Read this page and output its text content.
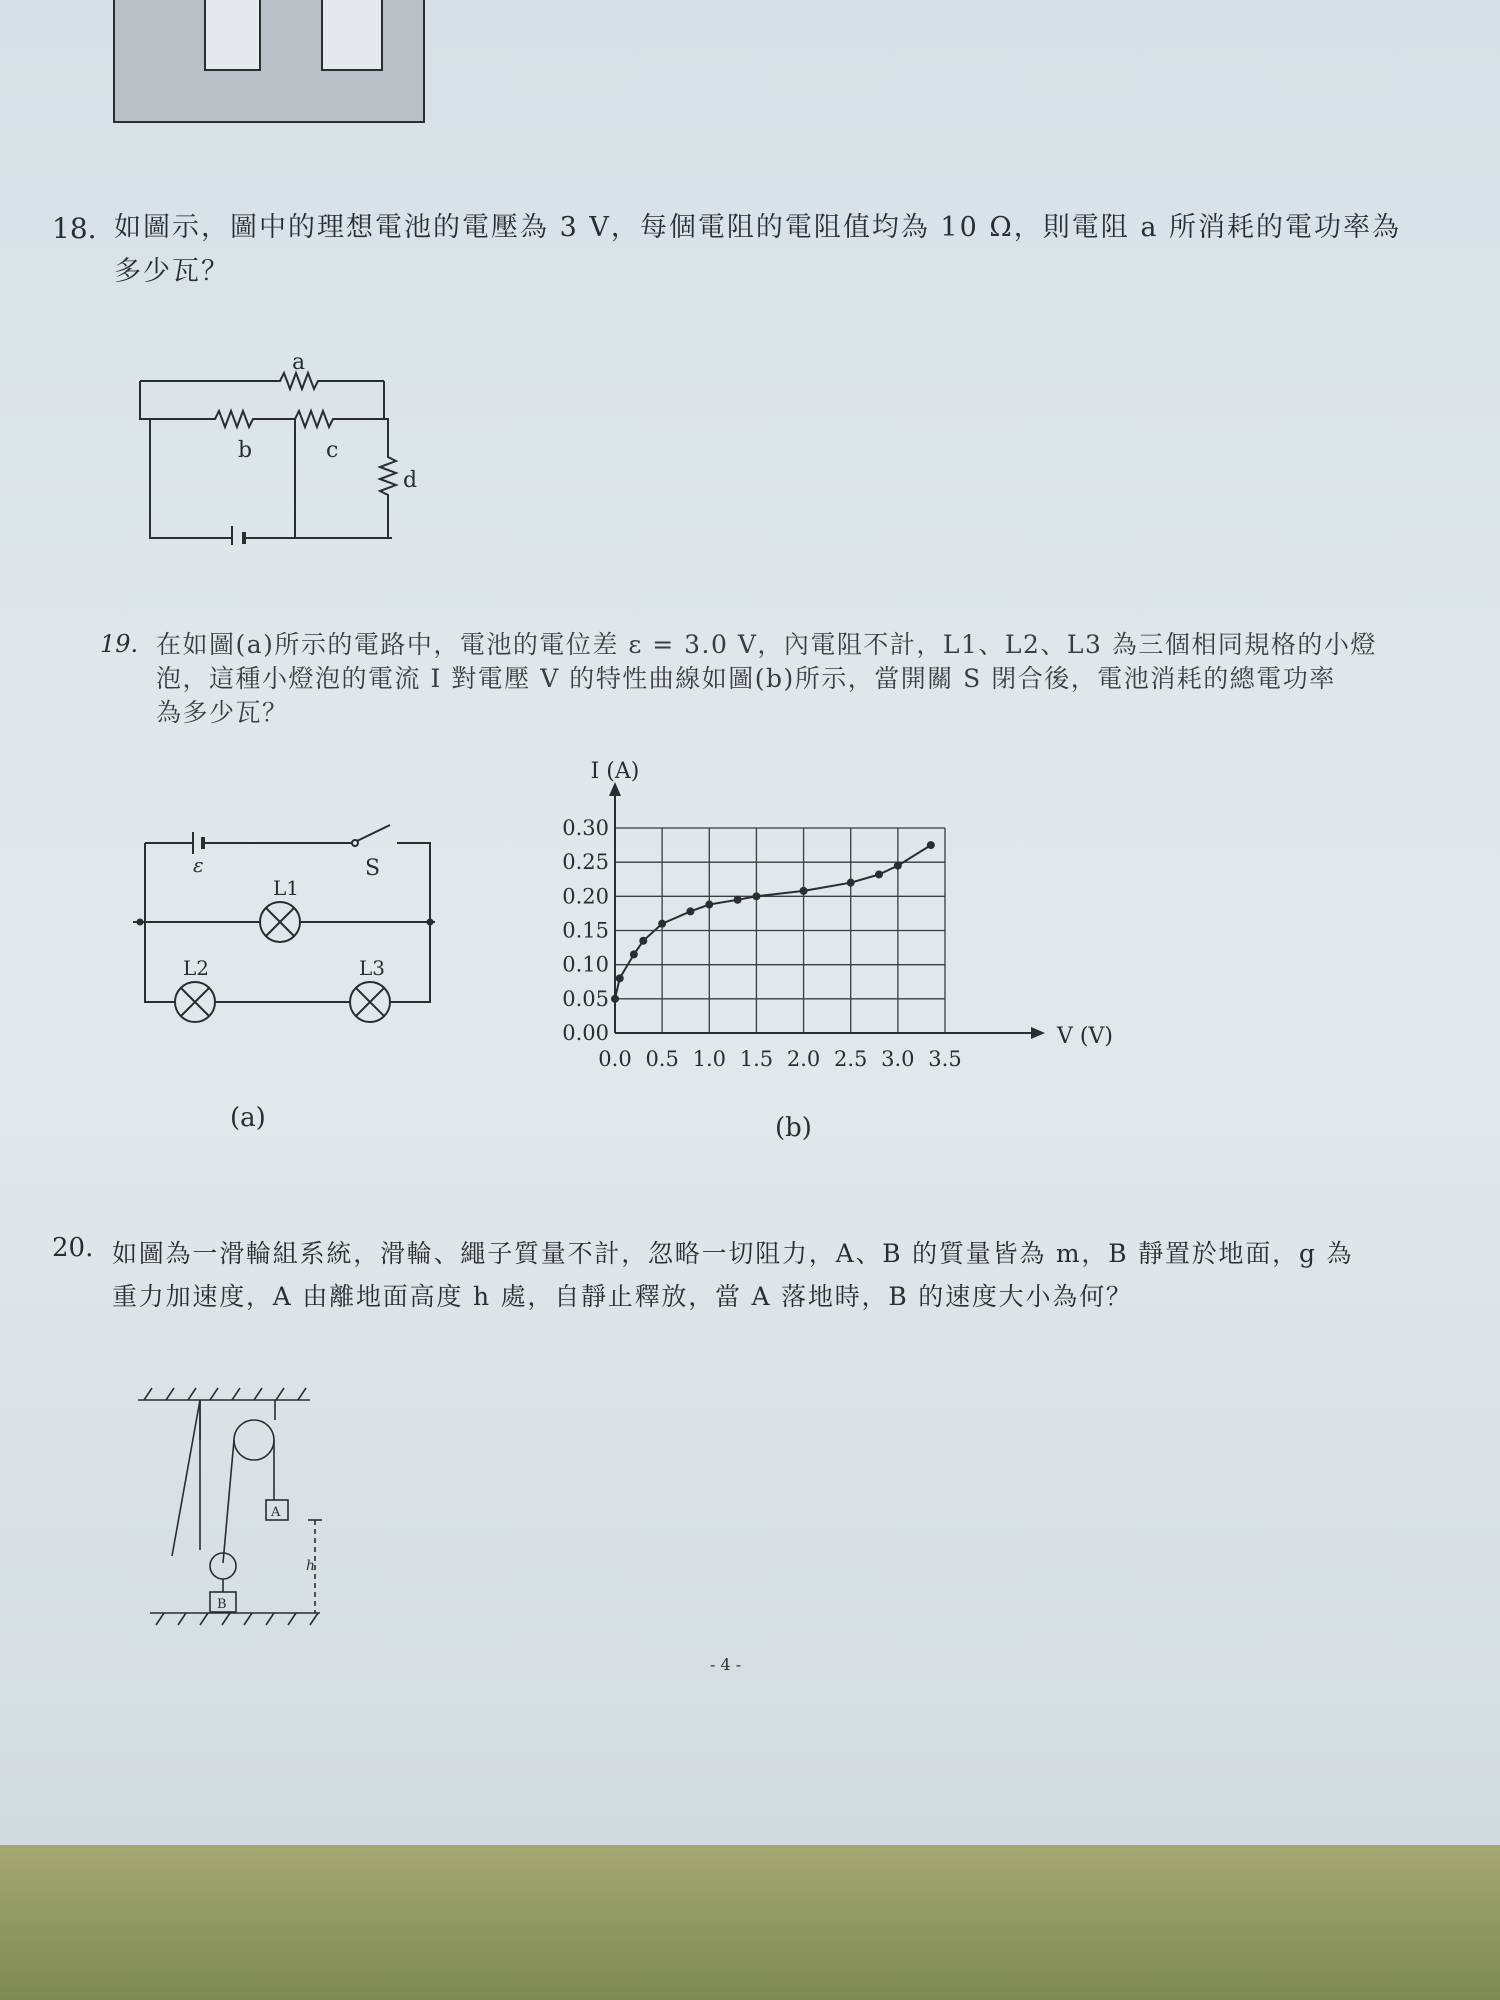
18. 如圖示，圖中的理想電池的電壓為 3 V，每個電阻的電阻值均為 10 Ω，則電阻 a 所消耗的電功率為
多少瓦？
a
b	c
d
19. 在如圖(a)所示的電路中，電池的電位差 ε = 3.0 V，內電阻不計，L1、L2、L3 為三個相同規格的小燈
泡，這種小燈泡的電流 I 對電壓 V 的特性曲線如圖(b)所示，當開關 S 閉合後，電池消耗的總電功率
為多少瓦？
ε	S
L1
L2	L3
(a)
0.0 0.5 1.0 1.5 2.0 2.5 3.0 3.5
0.00
0.05
0.10
0.15
0.20
0.25
0.30
I (A)
V (V)
(b)
20. 如圖為一滑輪組系統，滑輪、繩子質量不計，忽略一切阻力，A、B 的質量皆為 m，B 靜置於地面，g 為
重力加速度，A 由離地面高度 h 處，自靜止釋放，當 A 落地時，B 的速度大小為何？
A
B
h
- 4 -
